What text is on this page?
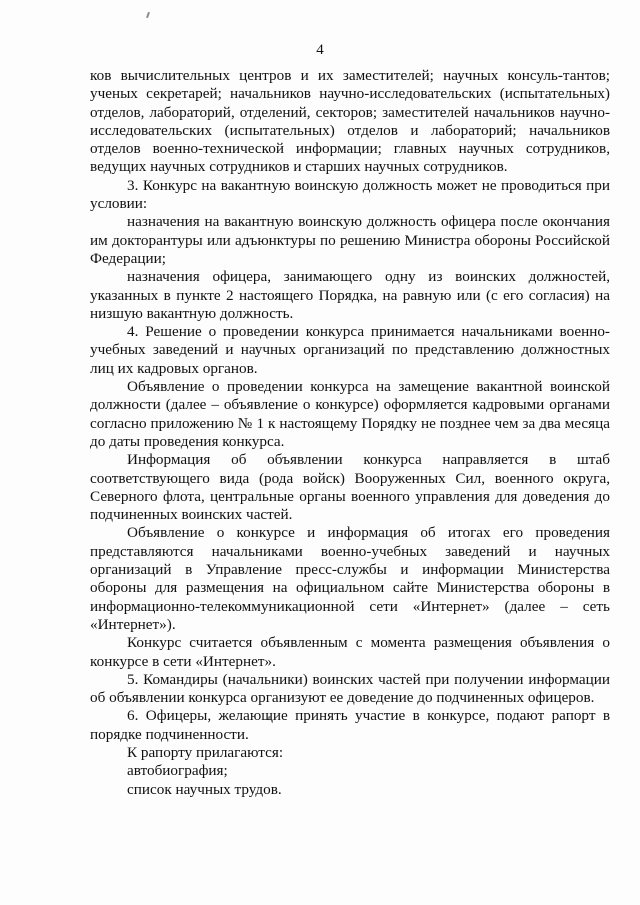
4

ков вычислительных центров и их заместителей; научных консуль-тантов; ученых секретарей; начальников научно-исследовательских (испытательных) отделов, лабораторий, отделений, секторов; заместителей начальников научно-исследовательских (испытательных) отделов и лабораторий; начальников отделов военно-технической информации; главных научных сотрудников, ведущих научных сотрудников и старших научных сотрудников.

3. Конкурс на вакантную воинскую должность может не проводиться при условии:

назначения на вакантную воинскую должность офицера после окончания им докторантуры или адъюнктуры по решению Министра обороны Российской Федерации;

назначения офицера, занимающего одну из воинских должностей, указанных в пункте 2 настоящего Порядка, на равную или (с его согласия) на низшую вакантную должность.

4. Решение о проведении конкурса принимается начальниками военно-учебных заведений и научных организаций по представлению должностных лиц их кадровых органов.

Объявление о проведении конкурса на замещение вакантной воинской должности (далее – объявление о конкурсе) оформляется кадровыми органами согласно приложению № 1 к настоящему Порядку не позднее чем за два месяца до даты проведения конкурса.

Информация об объявлении конкурса направляется в штаб соответствующего вида (рода войск) Вооруженных Сил, военного округа, Северного флота, центральные органы военного управления для доведения до подчиненных воинских частей.

Объявление о конкурсе и информация об итогах его проведения представляются начальниками военно-учебных заведений и научных организаций в Управление пресс-службы и информации Министерства обороны для размещения на официальном сайте Министерства обороны в информационно-телекоммуникационной сети «Интернет» (далее – сеть «Интернет»).

Конкурс считается объявленным с момента размещения объявления о конкурсе в сети «Интернет».

5. Командиры (начальники) воинских частей при получении информации об объявлении конкурса организуют ее доведение до подчиненных офицеров.

6. Офицеры, желающие принять участие в конкурсе, подают рапорт в порядке подчиненности.

К рапорту прилагаются:

автобиография;

список научных трудов.
